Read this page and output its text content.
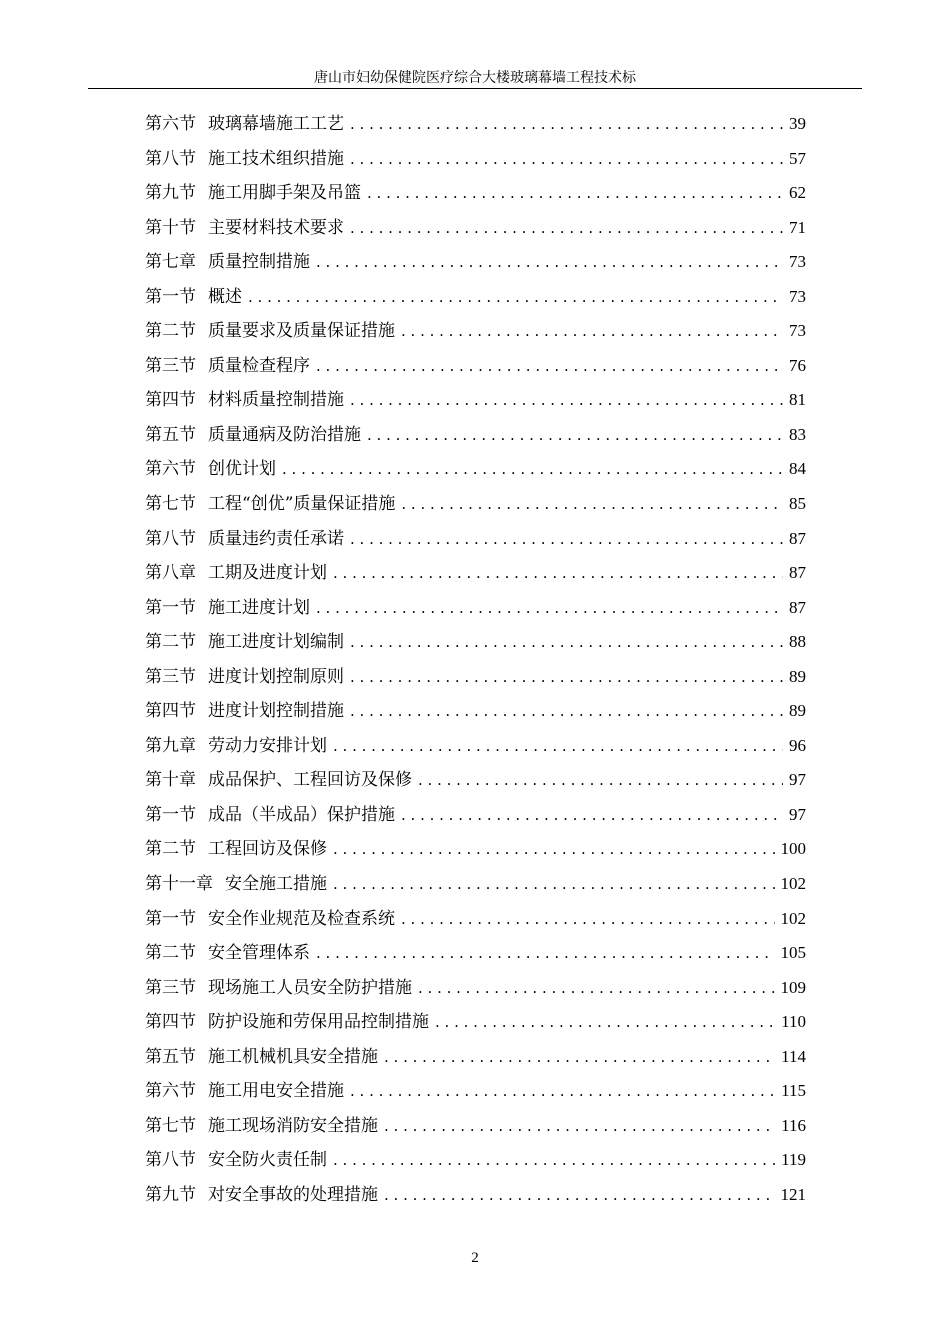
唐山市妇幼保健院医疗综合大楼玻璃幕墙工程技术标
第六节 玻璃幕墙施工工艺 . . .	39
第八节 施工技术组织措施 . . .	57
第九节 施工用脚手架及吊篮 . . .	62
第十节 主要材料技术要求 . . .	71
第七章 质量控制措施 . . .	73
第一节 概述 . . .	73
第二节 质量要求及质量保证措施 . . .	73
第三节 质量检查程序 . . .	76
第四节 材料质量控制措施 . . .	81
第五节 质量通病及防治措施 . . .	83
第六节 创优计划 . . .	84
第七节 工程“创优”质量保证措施 . . .	85
第八节 质量违约责任承诺 . . .	87
第八章 工期及进度计划 . . .	87
第一节 施工进度计划 . . .	87
第二节 施工进度计划编制 . . .	88
第三节 进度计划控制原则 . . .	89
第四节 进度计划控制措施 . . .	89
第九章 劳动力安排计划 . . .	96
第十章 成品保护、工程回访及保修 . . .	97
第一节 成品（半成品）保护措施 . . .	97
第二节 工程回访及保修 . . .	100
第十一章 安全施工措施 . . .	102
第一节 安全作业规范及检查系统 . . .	102
第二节 安全管理体系 . . .	105
第三节 现场施工人员安全防护措施 . . .	109
第四节 防护设施和劳保用品控制措施 . . .	110
第五节 施工机械机具安全措施 . . .	114
第六节 施工用电安全措施 . . .	115
第七节 施工现场消防安全措施 . . .	116
第八节 安全防火责任制 . . .	119
第九节 对安全事故的处理措施 . . .	121
2
